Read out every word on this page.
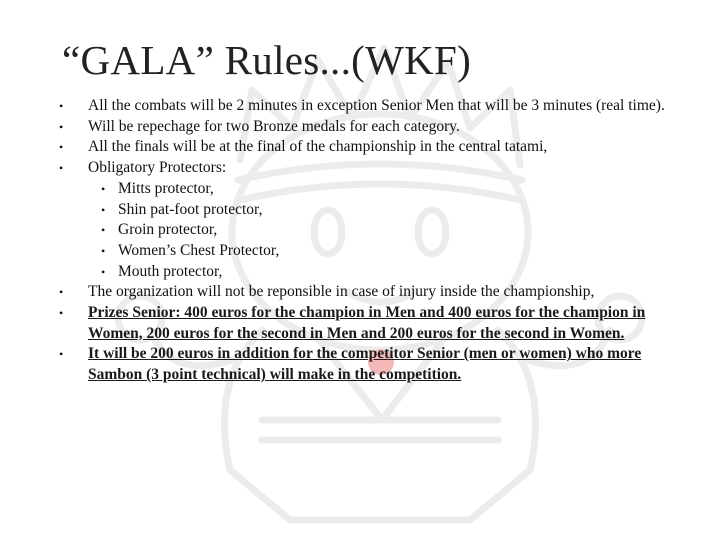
“GALA” Rules...(WKF)
• All the combats will be 2 minutes in exception Senior Men that will be 3 minutes (real time).
• Will be repechage for two Bronze medals for each category.
• All the finals will be at the final of the championship in the central tatami,
• Obligatory Protectors:
• Mitts protector,
• Shin pat-foot protector,
• Groin protector,
• Women’s Chest Protector,
• Mouth protector,
• The organization will not be reponsible in case of injury inside the championship,
• Prizes Senior: 400 euros for the champion in Men and 400 euros for the champion in Women, 200 euros for the second in Men and 200 euros for the second in Women.
• It will be 200 euros in addition for the competitor Senior (men or women) who more Sambon (3 point technical) will make in the competition.
